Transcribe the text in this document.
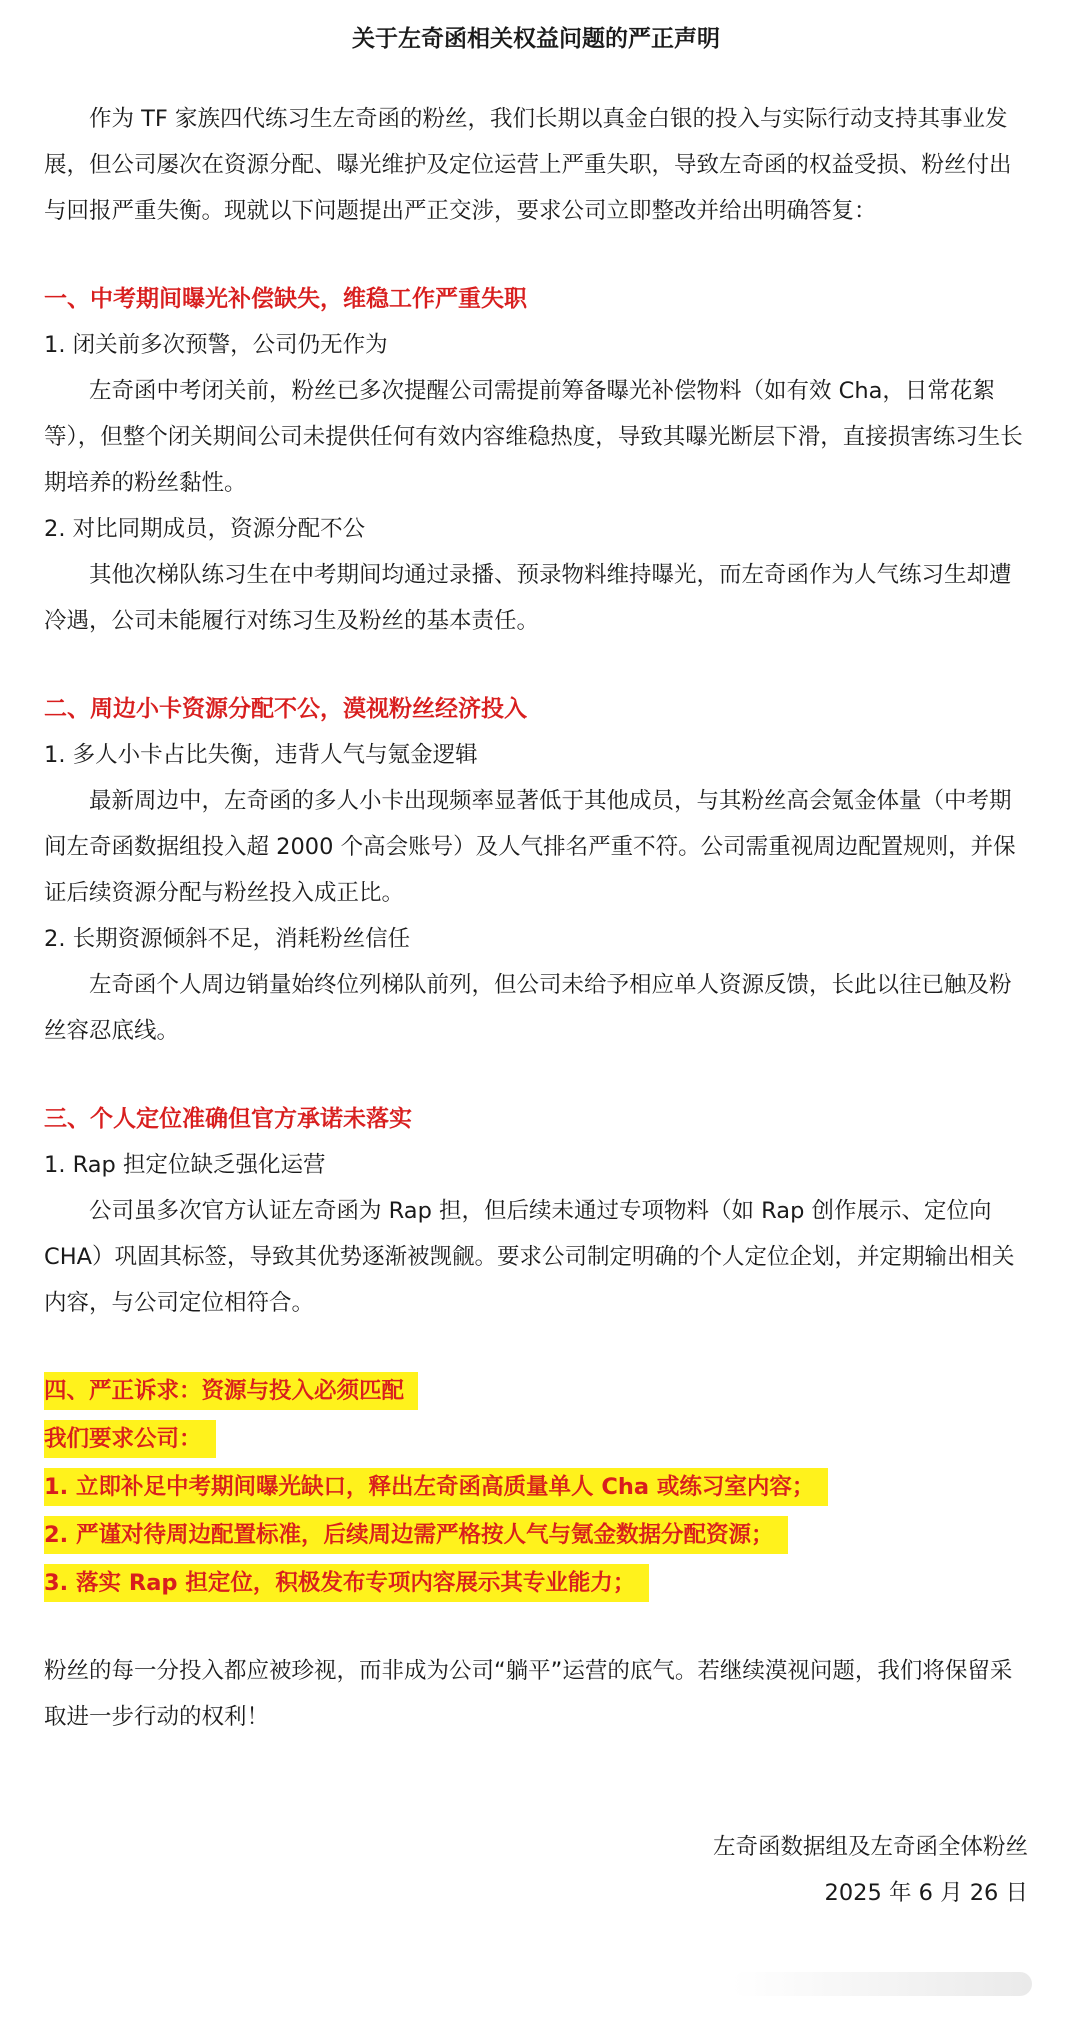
关于左奇函相关权益问题的严正声明

作为 TF 家族四代练习生左奇函的粉丝，我们长期以真金白银的投入与实际行动支持其事业发展，但公司屡次在资源分配、曝光维护及定位运营上严重失职，导致左奇函的权益受损、粉丝付出与回报严重失衡。现就以下问题提出严正交涉，要求公司立即整改并给出明确答复：

一、中考期间曝光补偿缺失，维稳工作严重失职

1. 闭关前多次预警，公司仍无作为

左奇函中考闭关前，粉丝已多次提醒公司需提前筹备曝光补偿物料（如有效 Cha，日常花絮等），但整个闭关期间公司未提供任何有效内容维稳热度，导致其曝光断层下滑，直接损害练习生长期培养的粉丝黏性。

2. 对比同期成员，资源分配不公

其他次梯队练习生在中考期间均通过录播、预录物料维持曝光，而左奇函作为人气练习生却遭冷遇，公司未能履行对练习生及粉丝的基本责任。

二、周边小卡资源分配不公，漠视粉丝经济投入

1. 多人小卡占比失衡，违背人气与氪金逻辑

最新周边中，左奇函的多人小卡出现频率显著低于其他成员，与其粉丝高会氪金体量（中考期间左奇函数据组投入超 2000 个高会账号）及人气排名严重不符。公司需重视周边配置规则，并保证后续资源分配与粉丝投入成正比。

2. 长期资源倾斜不足，消耗粉丝信任

左奇函个人周边销量始终位列梯队前列，但公司未给予相应单人资源反馈，长此以往已触及粉丝容忍底线。

三、个人定位准确但官方承诺未落实

1. Rap 担定位缺乏强化运营

公司虽多次官方认证左奇函为 Rap 担，但后续未通过专项物料（如 Rap 创作展示、定位向 CHA）巩固其标签，导致其优势逐渐被觊觎。要求公司制定明确的个人定位企划，并定期输出相关内容，与公司定位相符合。

四、严正诉求：资源与投入必须匹配

我们要求公司：

1. 立即补足中考期间曝光缺口，释出左奇函高质量单人 Cha 或练习室内容；

2. 严谨对待周边配置标准，后续周边需严格按人气与氪金数据分配资源；

3. 落实 Rap 担定位，积极发布专项内容展示其专业能力；

粉丝的每一分投入都应被珍视，而非成为公司“躺平”运营的底气。若继续漠视问题，我们将保留采取进一步行动的权利！

左奇函数据组及左奇函全体粉丝

2025 年 6 月 26 日
